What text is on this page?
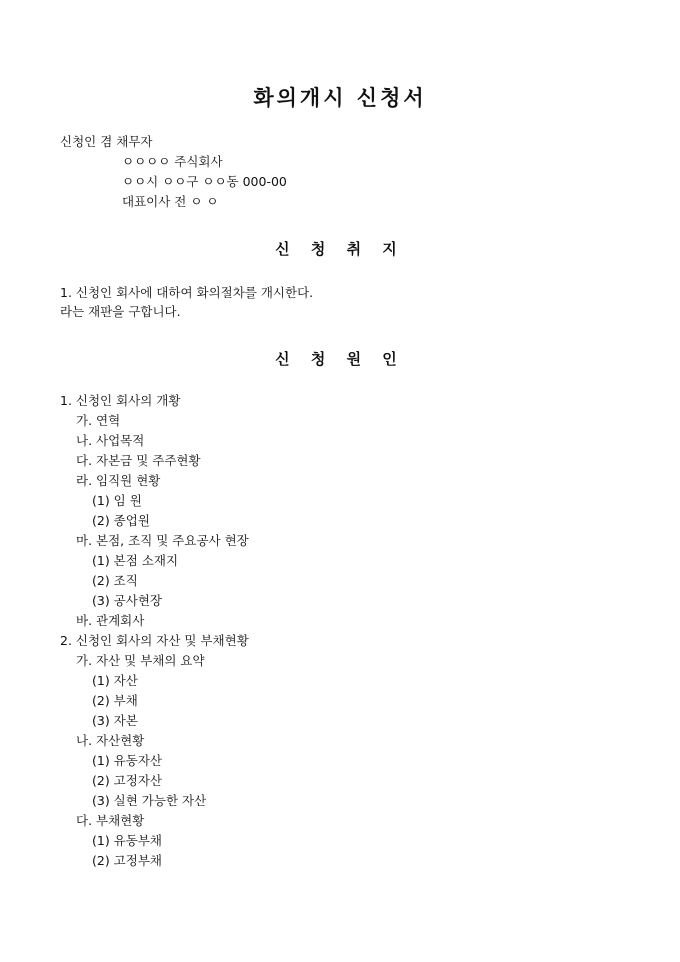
화의개시 신청서
신청인 겸 채무자
ㅇㅇㅇㅇ 주식회사
ㅇㅇ시 ㅇㅇ구 ㅇㅇ동 000-00
대표이사 전 ㅇ ㅇ
신 청 취 지
1. 신청인 회사에 대하여 화의절차를 개시한다.
라는 재판을 구합니다.
신 청 원 인
1. 신청인 회사의 개황
가. 연혁
나. 사업목적
다. 자본금 및 주주현황
라. 임직원 현황
(1) 임 원
(2) 종업원
마. 본점, 조직 및 주요공사 현장
(1) 본점 소재지
(2) 조직
(3) 공사현장
바. 관계회사
2. 신청인 회사의 자산 및 부채현황
가. 자산 및 부채의 요약
(1) 자산
(2) 부채
(3) 자본
나. 자산현황
(1) 유동자산
(2) 고정자산
(3) 실현 가능한 자산
다. 부채현황
(1) 유동부채
(2) 고정부채
